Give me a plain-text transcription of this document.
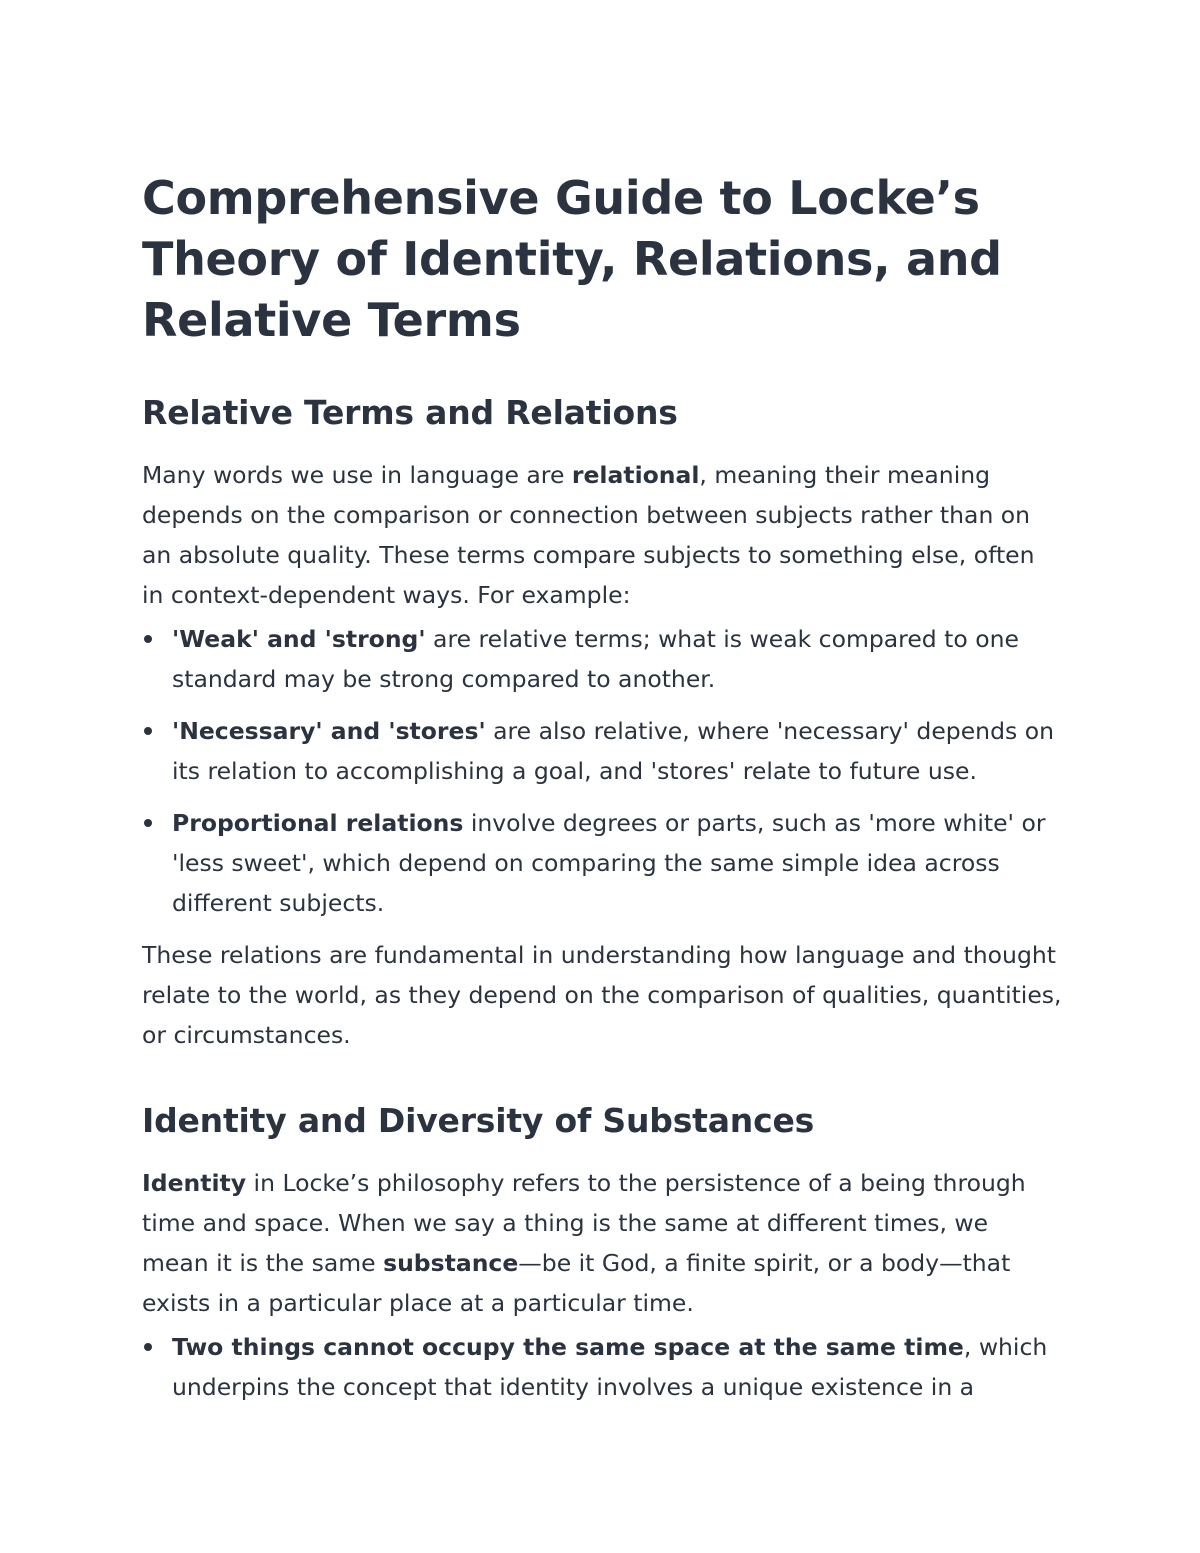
Comprehensive Guide to Locke’s
Theory of Identity, Relations, and
Relative Terms
Relative Terms and Relations

Many words we use in language are relational, meaning their meaning depends on the comparison or connection between subjects rather than on an absolute quality. These terms compare subjects to something else, often in context-dependent ways. For example:

'Weak' and 'strong' are relative terms; what is weak compared to one standard may be strong compared to another.
'Necessary' and 'stores' are also relative, where 'necessary' depends on its relation to accomplishing a goal, and 'stores' relate to future use.
Proportional relations involve degrees or parts, such as 'more white' or 'less sweet', which depend on comparing the same simple idea across different subjects.

These relations are fundamental in understanding how language and thought relate to the world, as they depend on the comparison of qualities, quantities, or circumstances.

Identity and Diversity of Substances

Identity in Locke’s philosophy refers to the persistence of a being through time and space. When we say a thing is the same at different times, we mean it is the same substance—be it God, a finite spirit, or a body—that exists in a particular place at a particular time.

Two things cannot occupy the same space at the same time, which underpins the concept that identity involves a unique existence in a
